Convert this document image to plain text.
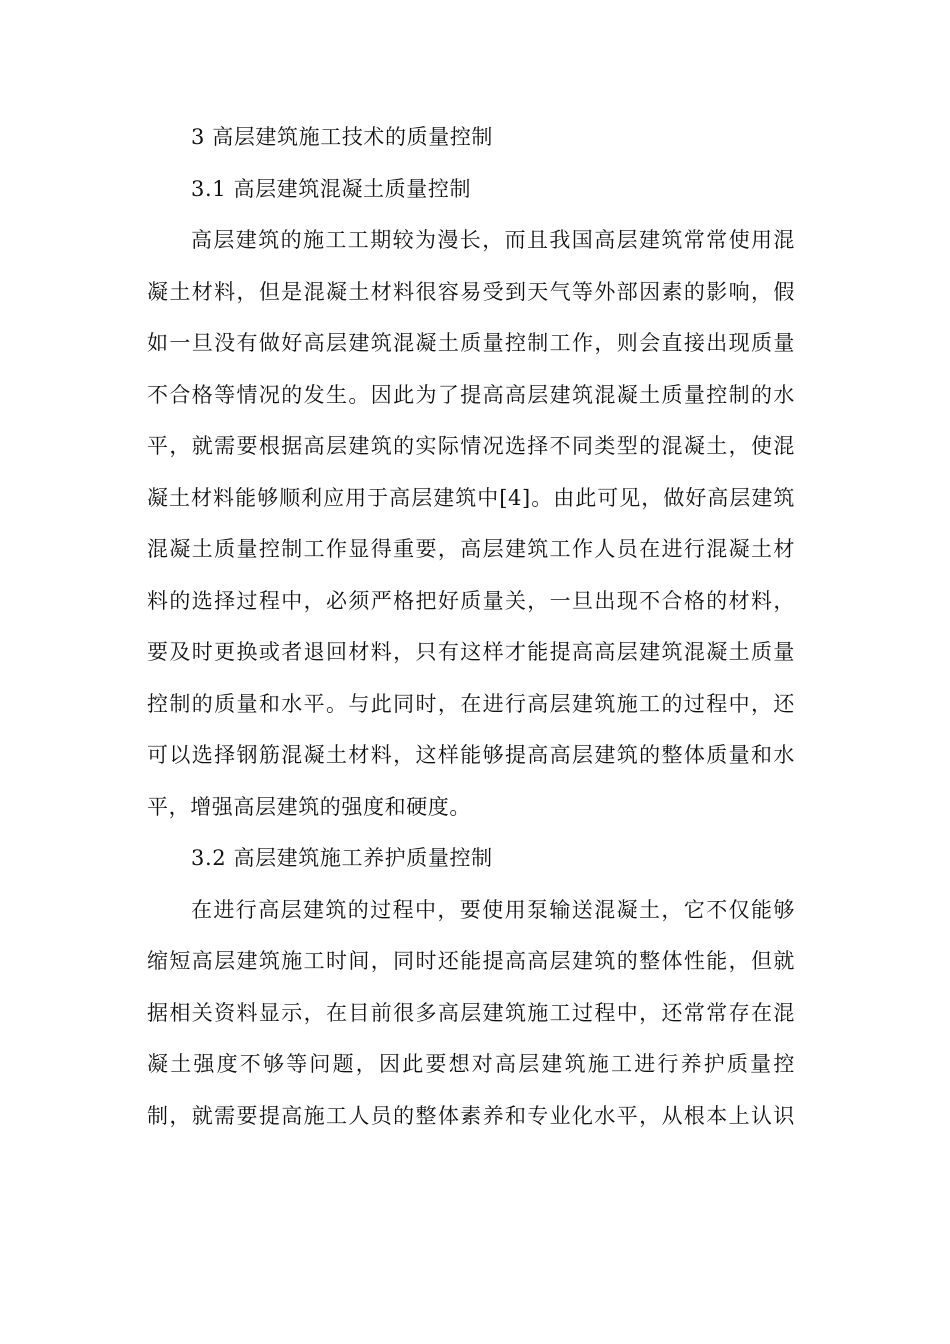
3 高层建筑施工技术的质量控制
3.1 高层建筑混凝土质量控制
高层建筑的施工工期较为漫长，而且我国高层建筑常常使用混
凝土材料，但是混凝土材料很容易受到天气等外部因素的影响，假
如一旦没有做好高层建筑混凝土质量控制工作，则会直接出现质量
不合格等情况的发生。因此为了提高高层建筑混凝土质量控制的水
平，就需要根据高层建筑的实际情况选择不同类型的混凝土，使混
凝土材料能够顺利应用于高层建筑中[4]。由此可见，做好高层建筑
混凝土质量控制工作显得重要，高层建筑工作人员在进行混凝土材
料的选择过程中，必须严格把好质量关，一旦出现不合格的材料，
要及时更换或者退回材料，只有这样才能提高高层建筑混凝土质量
控制的质量和水平。与此同时，在进行高层建筑施工的过程中，还
可以选择钢筋混凝土材料，这样能够提高高层建筑的整体质量和水
平，增强高层建筑的强度和硬度。
3.2 高层建筑施工养护质量控制
在进行高层建筑的过程中，要使用泵输送混凝土，它不仅能够
缩短高层建筑施工时间，同时还能提高高层建筑的整体性能，但就
据相关资料显示，在目前很多高层建筑施工过程中，还常常存在混
凝土强度不够等问题，因此要想对高层建筑施工进行养护质量控
制，就需要提高施工人员的整体素养和专业化水平，从根本上认识
